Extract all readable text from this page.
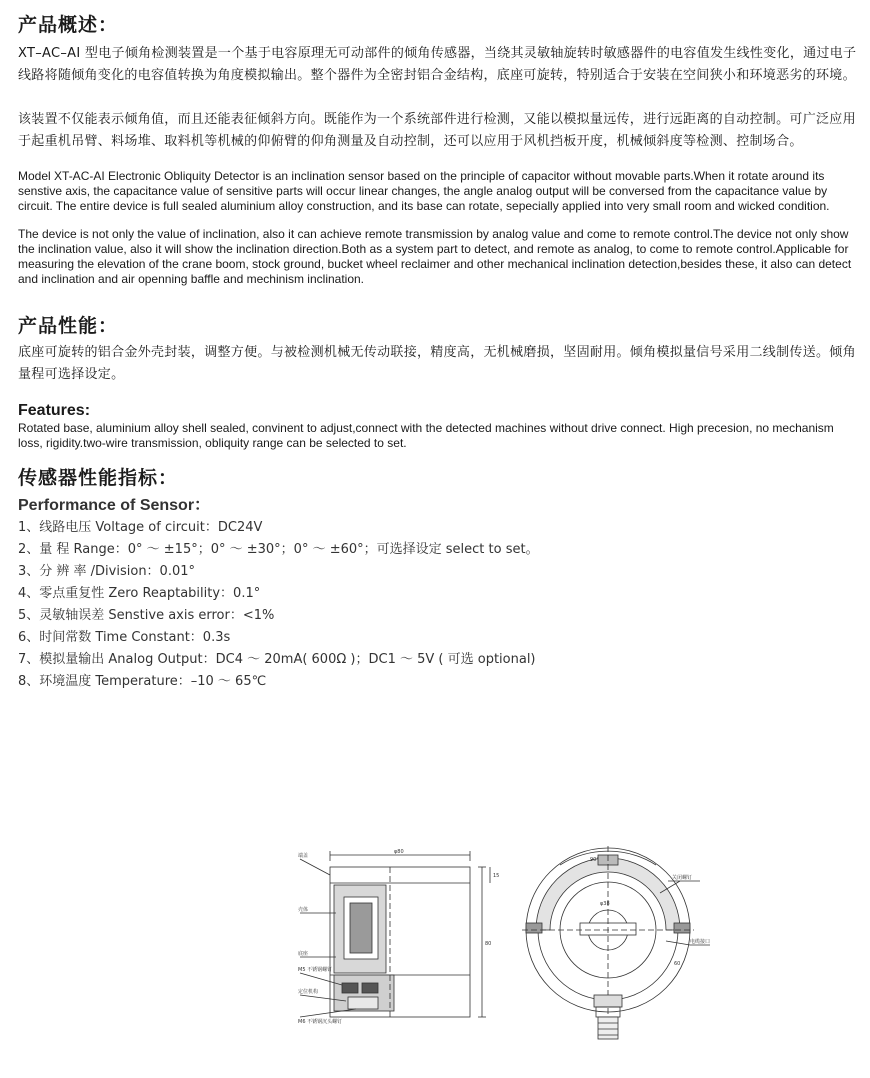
产品概述：

XT–AC–AI 型电子倾角检测装置是一个基于电容原理无可动部件的倾角传感器，当绕其灵敏轴旋转时敏感器件的电容值发生线性变化，通过电子线路将随倾角变化的电容值转换为角度模拟输出。整个器件为全密封铝合金结构，底座可旋转，特别适合于安装在空间狭小和环境恶劣的环境。

该装置不仅能表示倾角值，而且还能表征倾斜方向。既能作为一个系统部件进行检测，又能以模拟量远传，进行远距离的自动控制。可广泛应用于起重机吊臂、料场堆、取料机等机械的仰俯臂的仰角测量及自动控制，还可以应用于风机挡板开度，机械倾斜度等检测、控制场合。

Model XT-AC-AI Electronic Obliquity Detector is an inclination sensor based on the principle of capacitor without movable parts.When it rotate around its senstive axis, the capacitance value of sensitive parts will occur linear changes, the angle analog output will be conversed from the capacitance value by circuit. The entire device is full sealed aluminium alloy construction, and its base can rotate, sepecially applied into very small room and wicked condition.

The device is not only the value of inclination, also it can achieve remote transmission by analog value and come to remote control.The device not only show the inclination value, also it will show the inclination direction.Both as a system part to detect, and remote as analog, to come to remote control.Applicable for measuring the elevation of the crane boom, stock ground, bucket wheel reclaimer and other mechanical inclination detection,besides these, it also can detect and inclination and air openning baffle and mechinism inclination.

产品性能：

底座可旋转的铝合金外壳封装，调整方便。与被检测机械无传动联接，精度高，无机械磨损，坚固耐用。倾角模拟量信号采用二线制传送。倾角量程可选择设定。

Features:

Rotated base, aluminium alloy shell sealed, convinent to adjust,connect with the detected machines without drive connect. High precesion, no mechanism loss, rigidity.two-wire transmission, obliquity range can be selected to set.

传感器性能指标：
Performance of Sensor：
1、线路电压 Voltage of circuit：DC24V
2、量 程 Range：0° ～ ±15°；0° ～ ±30°；0° ～ ±60°；可选择设定 select to set。
3、分 辨 率 /Division：0.01°
4、零点重复性 Zero Reaptability：0.1°
5、灵敏轴误差 Senstive axis error：<1%
6、时间常数 Time Constant：0.3s
7、模拟量输出 Analog Output：DC4 ～ 20mA( 600Ω )；DC1 ～ 5V ( 可选 optional)
8、环境温度 Temperature：–10 ～ 65℃
端盖
壳体
底座
M5 不锈钢螺钉
定位机构
M6 不锈钢沉头螺钉
φ80
15
80
关闭螺钉
电缆接口
φ38
90°
60
